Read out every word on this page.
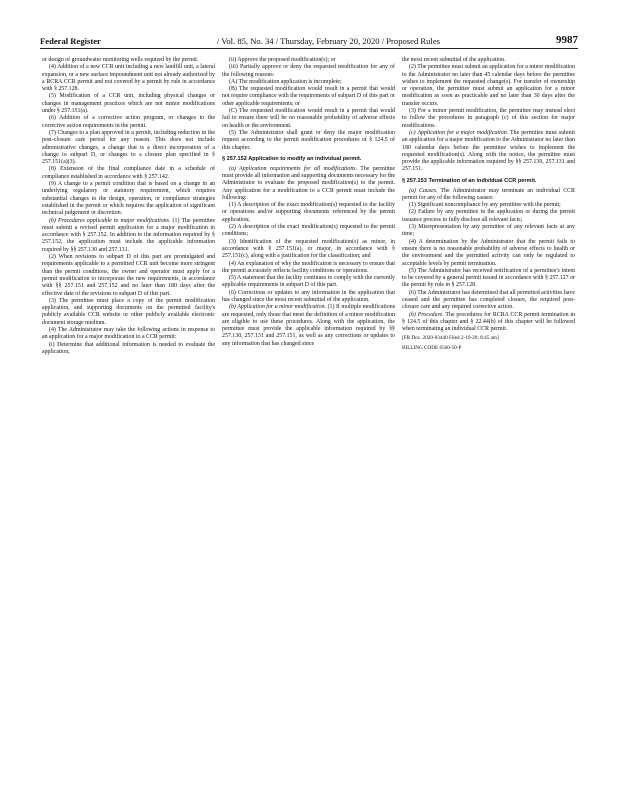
Federal Register	/ Vol. 85, No. 34 / Thursday, February 20, 2020 / Proposed Rules	9987

or design of groundwater monitoring wells required by the permit.

(4) Addition of a new CCR unit including a new landfill unit, a lateral expansion, or a new surface impoundment unit not already authorized by a RCRA CCR permit and not covered by a permit by rule in accordance with § 257.128.

(5) Modification of a CCR unit, including physical changes or changes in management practices which are not minor modifications under § 257.151(a).

(6) Addition of a corrective action program, or changes to the corrective action requirements in the permit.

(7) Changes to a plan approved in a permit, including reduction in the post-closure care period for any reason. This does not include administrative changes, a change that is a direct incorporation of a change to subpart D, or changes to a closure plan specified in § 257.151(a)(3).

(8) Extension of the final compliance date in a schedule of compliance established in accordance with § 257.142.

(9) A change to a permit condition that is based on a change in an underlying regulatory or statutory requirement, which requires substantial changes to the design, operation, or compliance strategies established in the permit or which requires the application of significant technical judgement or discretion.

(b) Procedures applicable to major modifications. (1) The permittee must submit a revised permit application for a major modification in accordance with § 257.152. In addition to the information required by § 257.152, the application must include the applicable information required by §§ 257.130 and 257.131.

(2) When revisions to subpart D of this part are promulgated and requirements applicable to a permitted CCR unit become more stringent than the permit conditions, the owner and operator must apply for a permit modification to incorporate the new requirements, in accordance with §§ 257.151 and 257.152 and no later than 180 days after the effective date of the revisions to subpart D of this part.

(3) The permittee must place a copy of the permit modification application, and supporting documents on the permitted facility's publicly available CCR website or other publicly available electronic document storage medium.

(4) The Administrator may take the following actions in response to an application for a major modification to a CCR permit:

(i) Determine that additional information is needed to evaluate the application;

(ii) Approve the proposed modification(s); or

(iii) Partially approve or deny the requested modification for any of the following reasons:

(A) The modification application is incomplete;

(B) The requested modification would result in a permit that would not require compliance with the requirements of subpart D of this part or other applicable requirements; or

(C) The requested modification would result in a permit that would fail to ensure there will be no reasonable probability of adverse effects on health or the environment.

(5) The Administrator shall grant or deny the major modification request according to the permit modification procedures of § 124.5 of this chapter.

§ 257.152 Application to modify an individual permit.

(a) Application requirements for all modifications. The permittee must provide all information and supporting documents necessary for the Administrator to evaluate the proposed modification(s) to the permit. Any application for a modification to a CCR permit must include the following:

(1) A description of the exact modification(s) requested to the facility or operations and/or supporting documents referenced by the permit application;

(2) A description of the exact modification(s) requested to the permit conditions;

(3) Identification of the requested modification(s) as minor, in accordance with § 257.151(a), or major, in accordance with § 257.151(c), along with a justification for the classification; and

(4) An explanation of why the modification is necessary to ensure that the permit accurately reflects facility conditions or operations.

(5) A statement that the facility continues to comply with the currently applicable requirements in subpart D of this part.

(6) Corrections or updates to any information in the application that has changed since the most recent submittal of the application.

(b) Application for a minor modification. (1) If multiple modifications are requested, only those that meet the definition of a minor modification are eligible to use these procedures. Along with the application, the permittee must provide the applicable information required by §§ 257.130, 257.131 and 257.151, as well as any corrections or updates to any information that has changed since

the most recent submittal of the application.

(2) The permittee must submit an application for a minor modification to the Administrator no later than 45 calendar days before the permittee wishes to implement the requested change(s). For transfer of ownership or operation, the permittee must submit an application for a minor modification as soon as practicable and no later than 30 days after the transfer occurs.

(3) For a minor permit modification, the permittee may instead elect to follow the procedures in paragraph (c) of this section for major modifications.

(c) Application for a major modification. The permittee must submit an application for a major modification to the Administrator no later than 180 calendar days before the permittee wishes to implement the requested modification(s). Along with the notice, the permittee must provide the applicable information required by §§ 257.130, 257.131 and 257.151.

§ 257.153 Termination of an individual CCR permit.

(a) Causes. The Administrator may terminate an individual CCR permit for any of the following causes:

(1) Significant noncompliance by any permittee with the permit;

(2) Failure by any permittee in the application or during the permit issuance process to fully disclose all relevant facts;

(3) Misrepresentation by any permittee of any relevant facts at any time;

(4) A determination by the Administrator that the permit fails to ensure there is no reasonable probability of adverse effects to health or the environment and the permitted activity can only be regulated to acceptable levels by permit termination.

(5) The Administrator has received notification of a permittee's intent to be covered by a general permit issued in accordance with § 257.127 or the permit by rule in § 257.128.

(6) The Administrator has determined that all permitted activities have ceased and the permittee has completed closure, the required post-closure care and any required corrective action.

(b) Procedure. The procedures for RCRA CCR permit termination in § 124.5 of this chapter and § 22.44(b) of this chapter will be followed when terminating an individual CCR permit.

[FR Doc. 2020-03440 Filed 2-19-20; 8:45 am]

BILLING CODE 6560-50-P
